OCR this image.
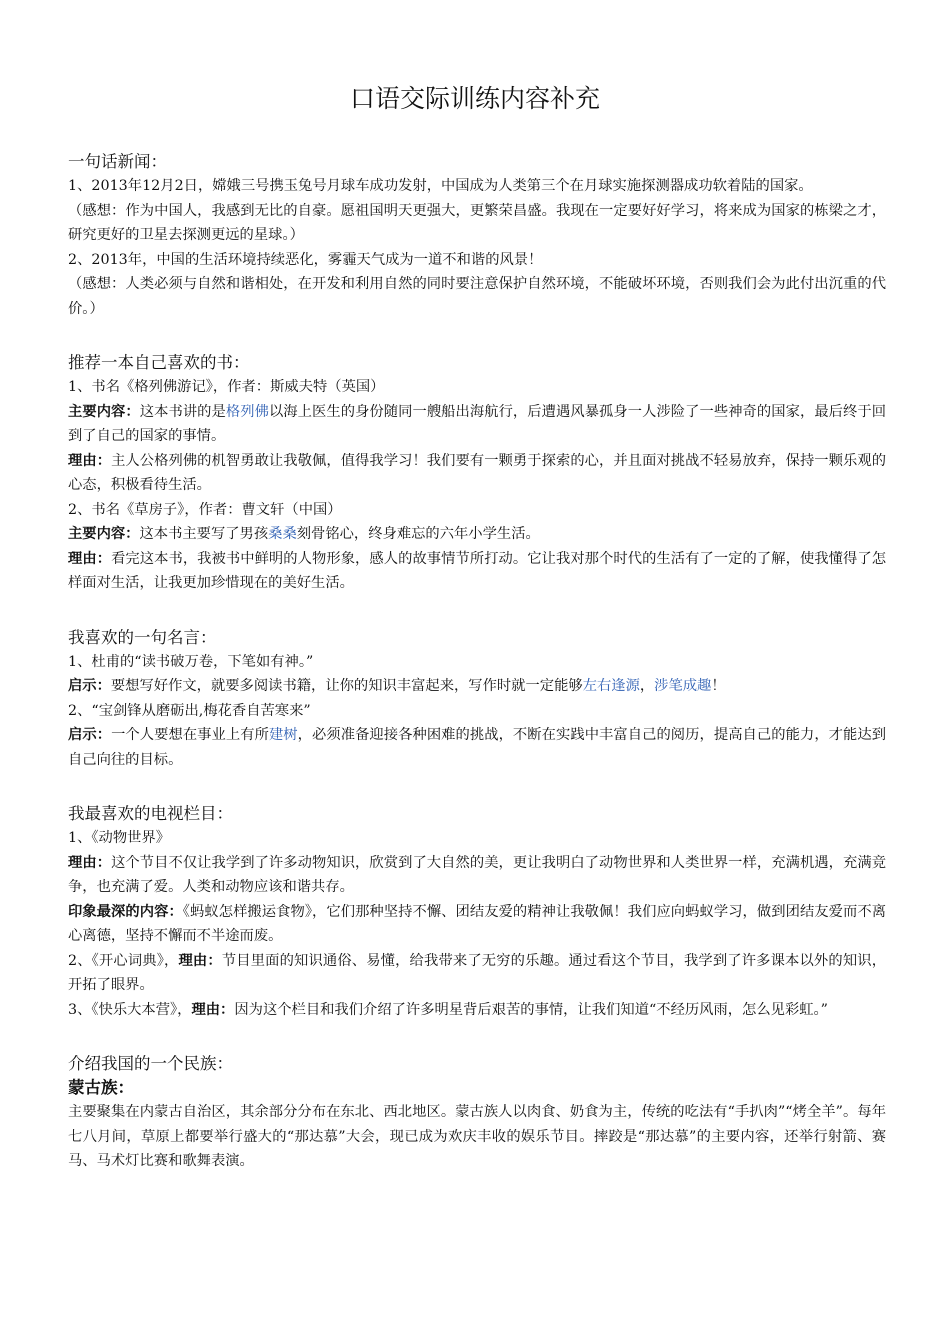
口语交际训练内容补充
一句话新闻：
1、2013年12月2日，嫦娥三号携玉兔号月球车成功发射，中国成为人类第三个在月球实施探测器成功软着陆的国家。
（感想：作为中国人，我感到无比的自豪。愿祖国明天更强大，更繁荣昌盛。我现在一定要好好学习，将来成为国家的栋梁之才，研究更好的卫星去探测更远的星球。）
2、2013年，中国的生活环境持续恶化，雾霾天气成为一道不和谐的风景！
（感想：人类必须与自然和谐相处，在开发和利用自然的同时要注意保护自然环境，不能破坏环境，否则我们会为此付出沉重的代价。）
推荐一本自己喜欢的书：
1、书名《格列佛游记》，作者：斯威夫特（英国）
主要内容：这本书讲的是格列佛以海上医生的身份随同一艘船出海航行，后遭遇风暴孤身一人涉险了一些神奇的国家，最后终于回到了自己的国家的事情。
理由：主人公格列佛的机智勇敢让我敬佩，值得我学习！我们要有一颗勇于探索的心，并且面对挑战不轻易放弃，保持一颗乐观的心态，积极看待生活。
2、书名《草房子》，作者：曹文轩（中国）
主要内容：这本书主要写了男孩桑桑刻骨铭心，终身难忘的六年小学生活。
理由：看完这本书，我被书中鲜明的人物形象，感人的故事情节所打动。它让我对那个时代的生活有了一定的了解，使我懂得了怎样面对生活，让我更加珍惜现在的美好生活。
我喜欢的一句名言：
1、杜甫的“读书破万卷，下笔如有神。”
启示：要想写好作文，就要多阅读书籍，让你的知识丰富起来，写作时就一定能够左右逢源，涉笔成趣！
2、“宝剑锋从磨砺出,梅花香自苦寒来”
启示：一个人要想在事业上有所建树，必须准备迎接各种困难的挑战，不断在实践中丰富自己的阅历，提高自己的能力，才能达到自己向往的目标。
我最喜欢的电视栏目：
1、《动物世界》
理由：这个节目不仅让我学到了许多动物知识，欣赏到了大自然的美，更让我明白了动物世界和人类世界一样，充满机遇，充满竞争，也充满了爱。人类和动物应该和谐共存。
印象最深的内容：《蚂蚁怎样搬运食物》，它们那种坚持不懈、团结友爱的精神让我敬佩！我们应向蚂蚁学习，做到团结友爱而不离心离德，坚持不懈而不半途而废。
2、《开心词典》，理由：节目里面的知识通俗、易懂，给我带来了无穷的乐趣。通过看这个节目，我学到了许多课本以外的知识，开拓了眼界。
3、《快乐大本营》，理由：因为这个栏目和我们介绍了许多明星背后艰苦的事情，让我们知道“不经历风雨，怎么见彩虹。”
介绍我国的一个民族：
蒙古族：
主要聚集在内蒙古自治区，其余部分分布在东北、西北地区。蒙古族人以肉食、奶食为主，传统的吃法有“手扒肉”“烤全羊”。每年七八月间，草原上都要举行盛大的“那达慕”大会，现已成为欢庆丰收的娱乐节目。摔跤是“那达慕”的主要内容，还举行射箭、赛马、马术灯比赛和歌舞表演。
